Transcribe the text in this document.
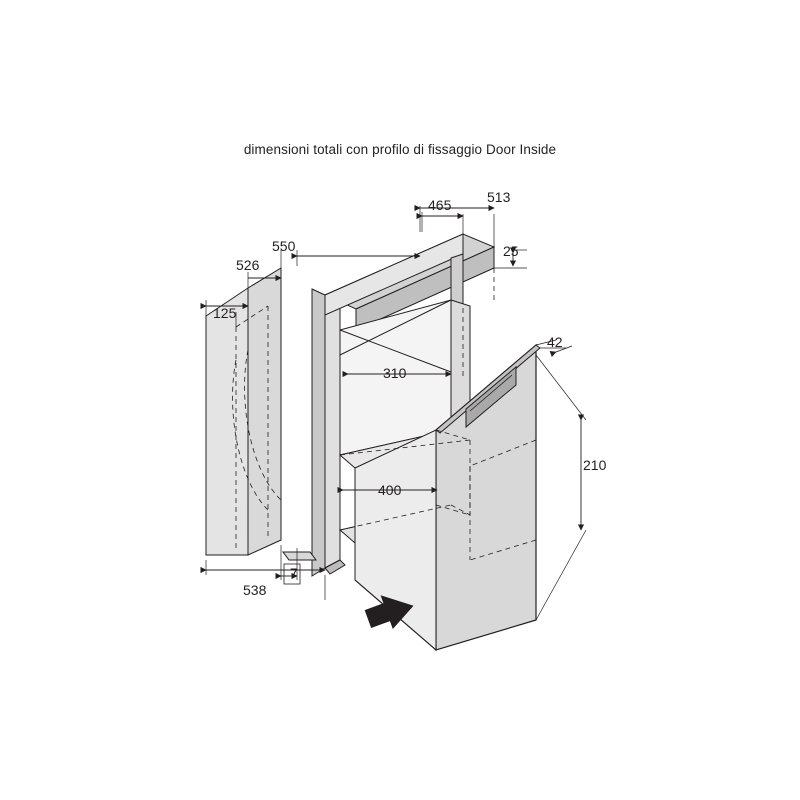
dimensioni totali con profilo di fissaggio Door Inside
465	513
25
550
526
125
42
310
210
400
538
7
